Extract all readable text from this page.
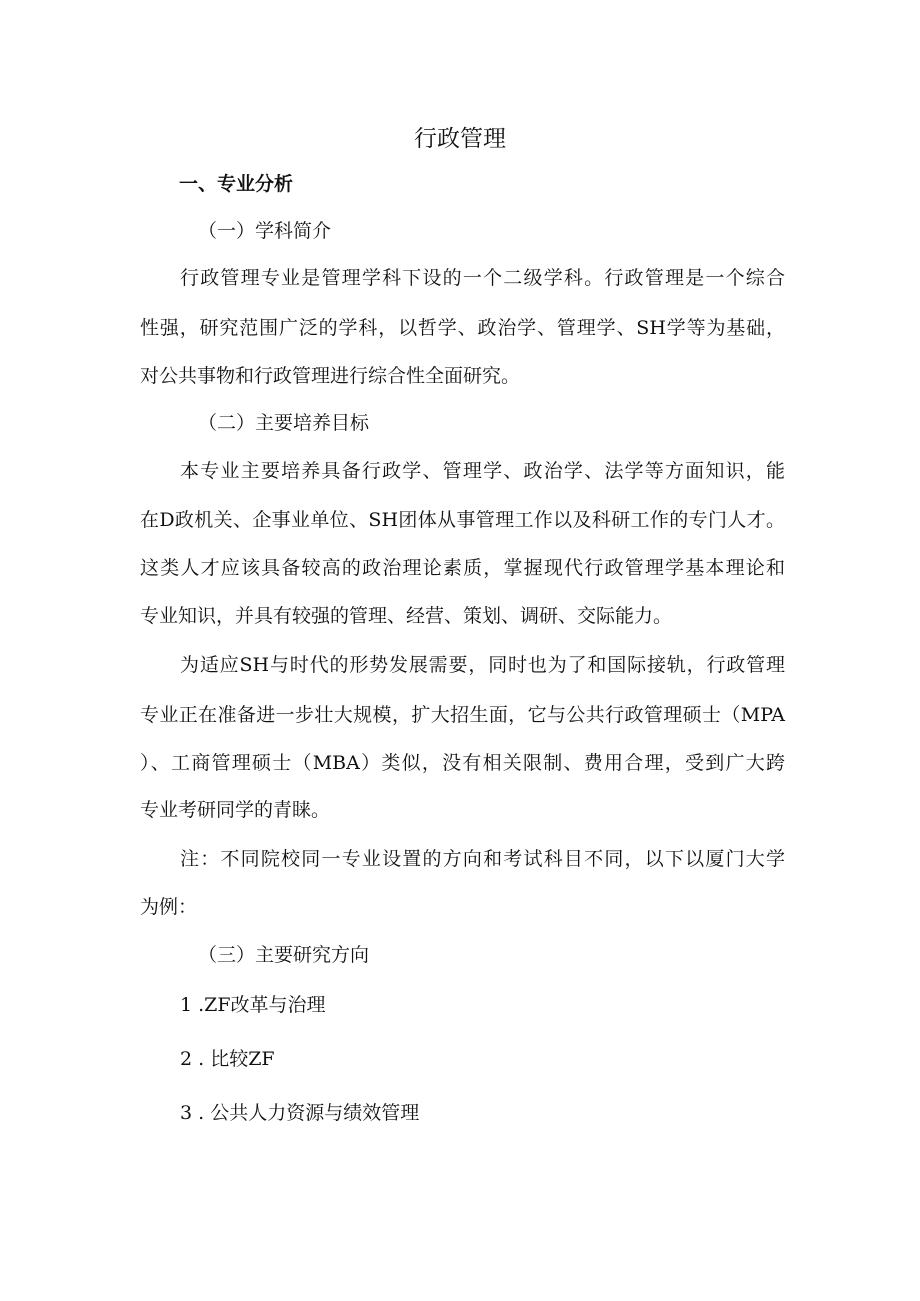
行政管理
一、专业分析
（一）学科简介
行政管理专业是管理学科下设的一个二级学科。行政管理是一个综合
性强，研究范围广泛的学科，以哲学、政治学、管理学、SH学等为基础，
对公共事物和行政管理进行综合性全面研究。
（二）主要培养目标
本专业主要培养具备行政学、管理学、政治学、法学等方面知识，能
在D政机关、企事业单位、SH团体从事管理工作以及科研工作的专门人才。
这类人才应该具备较高的政治理论素质，掌握现代行政管理学基本理论和
专业知识，并具有较强的管理、经营、策划、调研、交际能力。
为适应SH与时代的形势发展需要，同时也为了和国际接轨，行政管理
专业正在准备进一步壮大规模，扩大招生面，它与公共行政管理硕士（MPA
）、工商管理硕士（MBA）类似，没有相关限制、费用合理，受到广大跨
专业考研同学的青睐。
注：不同院校同一专业设置的方向和考试科目不同，以下以厦门大学
为例：
（三）主要研究方向
1 .ZF改革与治理
2 . 比较ZF
3 . 公共人力资源与绩效管理
